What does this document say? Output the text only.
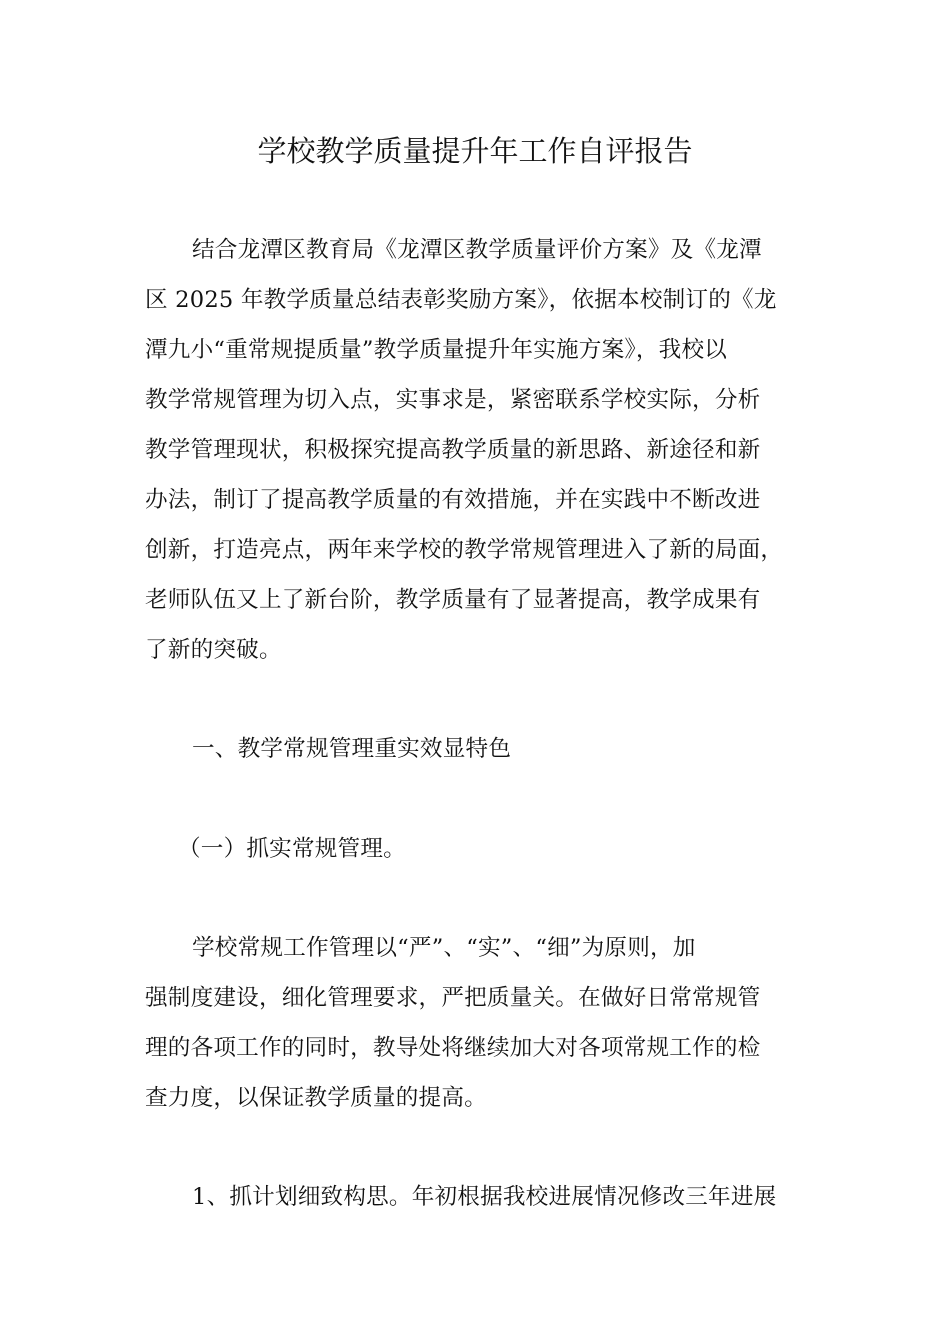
学校教学质量提升年工作自评报告
结合龙潭区教育局《龙潭区教学质量评价方案》及《龙潭
区 2025 年教学质量总结表彰奖励方案》，依据本校制订的《龙
潭九小“重常规提质量”教学质量提升年实施方案》，我校以
教学常规管理为切入点，实事求是，紧密联系学校实际，分析
教学管理现状，积极探究提高教学质量的新思路、新途径和新
办法，制订了提高教学质量的有效措施，并在实践中不断改进
创新，打造亮点，两年来学校的教学常规管理进入了新的局面，
老师队伍又上了新台阶，教学质量有了显著提高，教学成果有
了新的突破。
一、教学常规管理重实效显特色
（一）抓实常规管理。
学校常规工作管理以“严”、“实”、“细”为原则，加
强制度建设，细化管理要求，严把质量关。在做好日常常规管
理的各项工作的同时，教导处将继续加大对各项常规工作的检
查力度，以保证教学质量的提高。
1、抓计划细致构思。年初根据我校进展情况修改三年进展
